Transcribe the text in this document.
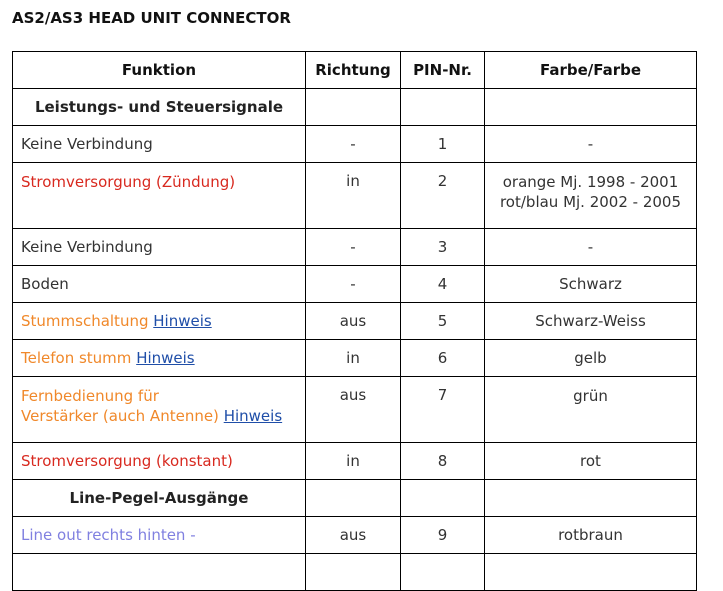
AS2/AS3 HEAD UNIT CONNECTOR
Funktion	Richtung	PIN-Nr.	Farbe/Farbe
Leistungs- und Steuersignale			
Keine Verbindung	-	1	-
Stromversorgung (Zündung)	in	2	orange Mj. 1998 - 2001
rot/blau Mj. 2002 - 2005

Keine Verbindung	-	3	-
Boden	-	4	Schwarz
Stummschaltung Hinweis	aus	5	Schwarz-Weiss
Telefon stumm Hinweis	in	6	gelb

Fernbedienung für
Verstärker (auch Antenne) Hinweis	aus	7	grün
Stromversorgung (konstant)	in	8	rot
Line-Pegel-Ausgänge			
Line out rechts hinten -	aus	9	rotbraun
